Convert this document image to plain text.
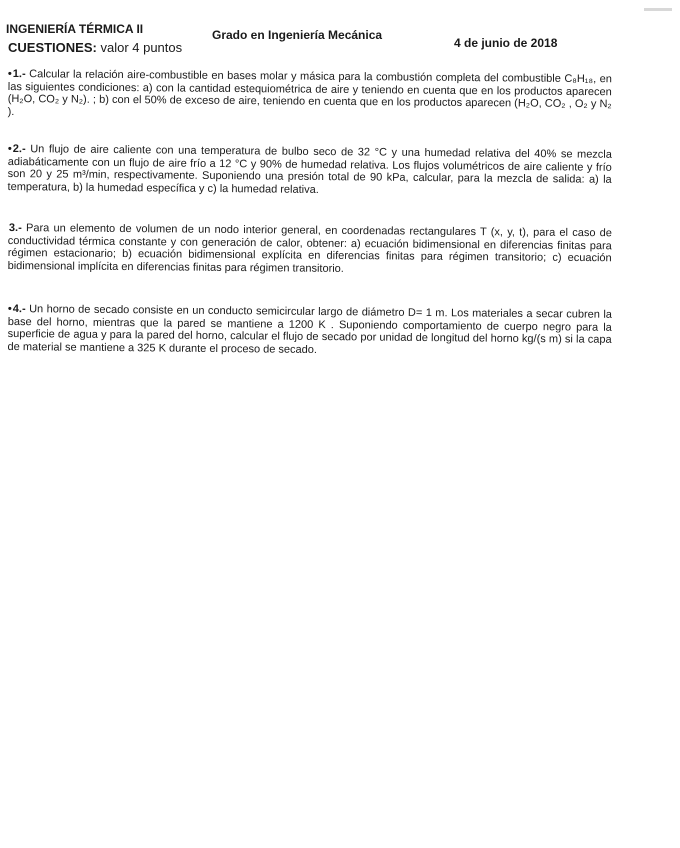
INGENIERÍA TÉRMICA II	Grado en Ingeniería Mecánica
4 de junio de 2018
CUESTIONES: valor 4 puntos

•1.- Calcular la relación aire-combustible en bases molar y másica para la combustión completa del combustible C₈H₁₈, en las siguientes condiciones: a) con la cantidad estequiométrica de aire y teniendo en cuenta que en los productos aparecen (H₂O, CO₂ y N₂). ; b) con el 50% de exceso de aire, teniendo en cuenta que en los productos aparecen (H₂O, CO₂ , O₂ y N₂ ).

•2.- Un flujo de aire caliente con una temperatura de bulbo seco de 32 °C y una humedad relativa del 40% se mezcla adiabáticamente con un flujo de aire frío a 12 °C y 90% de humedad relativa. Los flujos volumétricos de aire caliente y frío son 20 y 25 m³/min, respectivamente. Suponiendo una presión total de 90 kPa, calcular, para la mezcla de salida: a) la temperatura, b) la humedad específica y c) la humedad relativa.

3.- Para un elemento de volumen de un nodo interior general, en coordenadas rectangulares T (x, y, t), para el caso de conductividad térmica constante y con generación de calor, obtener: a) ecuación bidimensional en diferencias finitas para régimen estacionario; b) ecuación bidimensional explícita en diferencias finitas para régimen transitorio; c) ecuación bidimensional implícita en diferencias finitas para régimen transitorio.

•4.- Un horno de secado consiste en un conducto semicircular largo de diámetro D= 1 m. Los materiales a secar cubren la base del horno, mientras que la pared se mantiene a 1200 K . Suponiendo comportamiento de cuerpo negro para la superficie de agua y para la pared del horno, calcular el flujo de secado por unidad de longitud del horno kg/(s m) si la capa de material se mantiene a 325 K durante el proceso de secado.
